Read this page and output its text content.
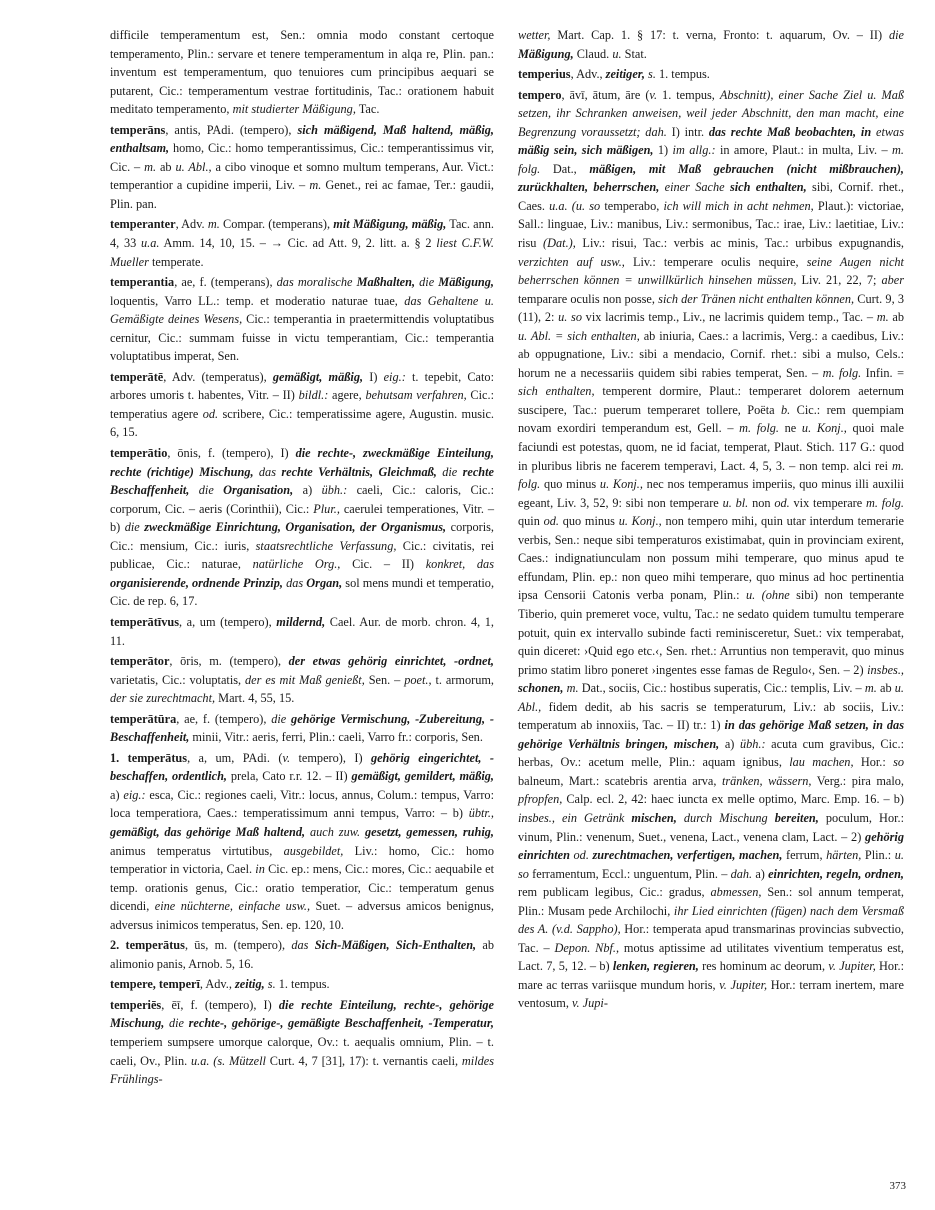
difficile temperamentum est, Sen.: omnia modo constant certoque temperamento, Plin.: servare et tenere temperamentum in alqa re, Plin. pan.: inventum est temperamentum, quo tenuiores cum principibus aequari se putarent, Cic.: temperamentum vestrae fortitudinis, Tac.: orationem habuit meditato temperamento, mit studierter Mäßigung, Tac.

temperāns, antis, PAdi. (tempero), sich mäßigend, Maß haltend, mäßig, enthaltsam, homo, Cic.: homo temperantissimus, Cic.: temperantissimus vir, Cic. – m. ab u. Abl., a cibo vinoque et somno multum temperans, Aur. Vict.: temperantior a cupidine imperii, Liv. – m. Genet., rei ac famae, Ter.: gaudii, Plin. pan.

temperanter, Adv. m. Compar. (temperans), mit Mäßigung, mäßig, Tac. ann. 4, 33 u.a. Amm. 14, 10, 15. – → Cic. ad Att. 9, 2. litt. a. § 2 liest C.F.W. Mueller temperate.

temperantia, ae, f. (temperans), das moralische Maßhalten, die Mäßigung, loquentis, Varro LL.: temp. et moderatio naturae tuae, das Gehaltene u. Gemäßigte deines Wesens, Cic.: temperantia in praetermittendis voluptatibus cernitur, Cic.: summam fuisse in victu temperantiam, Cic.: temperantia voluptatibus imperat, Sen.

temperātē, Adv. (temperatus), gemäßigt, mäßig, I) eig.: t. tepebit, Cato: arbores umoris t. habentes, Vitr. – II) bildl.: agere, behutsam verfahren, Cic.: temperatius agere od. scribere, Cic.: temperatissime agere, Augustin. music. 6, 15.

temperātio, ōnis, f. (tempero), I) die rechte-, zweckmäßige Einteilung, rechte (richtige) Mischung, das rechte Verhältnis, Gleichmaß, die rechte Beschaffenheit, die Organisation, a) übh.: caeli, Cic.: caloris, Cic.: corporum, Cic. – aeris (Corinthii), Cic.: Plur., caerulei temperationes, Vitr. – b) die zweckmäßige Einrichtung, Organisation, der Organismus, corporis, Cic.: mensium, Cic.: iuris, staatsrechtliche Verfassung, Cic.: civitatis, rei publicae, Cic.: naturae, natürliche Org., Cic. – II) konkret, das organisierende, ordnende Prinzip, das Organ, sol mens mundi et temperatio, Cic. de rep. 6, 17.

temperātīvus, a, um (tempero), mildernd, Cael. Aur. de morb. chron. 4, 1, 11.

temperātor, ōris, m. (tempero), der etwas gehörig einrichtet, -ordnet, varietatis, Cic.: voluptatis, der es mit Maß genießt, Sen. – poet., t. armorum, der sie zurechtmacht, Mart. 4, 55, 15.

temperātūra, ae, f. (tempero), die gehörige Vermischung, -Zubereitung, -Beschaffenheit, minii, Vitr.: aeris, ferri, Plin.: caeli, Varro fr.: corporis, Sen.

1. temperātus, a, um, PAdi. (v. tempero), I) gehörig eingerichtet, -beschaffen, ordentlich, prela, Cato r.r. 12. – II) gemäßigt, gemildert, mäßig, a) eig.: esca, Cic.: regiones caeli, Vitr.: locus, annus, Colum.: tempus, Varro: loca temperatiora, Caes.: temperatissimum anni tempus, Varro: – b) übtr., gemäßigt, das gehörige Maß haltend, auch zuw. gesetzt, gemessen, ruhig, animus temperatus virtutibus, ausgebildet, Liv.: homo, Cic.: homo temperatior in victoria, Cael. in Cic. ep.: mens, Cic.: mores, Cic.: aequabile et temp. orationis genus, Cic.: oratio temperatior, Cic.: temperatum genus dicendi, eine nüchterne, einfache usw., Suet. – adversus amicos benignus, adversus inimicos temperatus, Sen. ep. 120, 10.

2. temperātus, ūs, m. (tempero), das Sich-Mäßigen, Sich-Enthalten, ab alimonio panis, Arnob. 5, 16.

tempere, temperī, Adv., zeitig, s. 1. tempus.

temperiēs, ēī, f. (tempero), I) die rechte Einteilung, rechte-, gehörige Mischung, die rechte-, gehörige-, gemäßigte Beschaffenheit, -Temperatur, temperiem sumpsere umorque calorque, Ov.: t. aequalis omnium, Plin. – t. caeli, Ov., Plin. u.a. (s. Mützell Curt. 4, 7 [31], 17): t. vernantis caeli, mildes Frühlings-

wetter, Mart. Cap. 1. § 17: t. verna, Fronto: t. aquarum, Ov. – II) die Mäßigung, Claud. u. Stat.

temperius, Adv., zeitiger, s. 1. tempus.

tempero, āvī, ātum, āre (v. 1. tempus, Abschnitt), einer Sache Ziel u. Maß setzen, ihr Schranken anweisen, weil jeder Abschnitt, den man macht, eine Begrenzung voraussetzt; dah. I) intr. das rechte Maß beobachten, in etwas mäßig sein, sich mäßigen, 1) im allg.: in amore, Plaut.: in multa, Liv. – m. folg. Dat., mäßigen, mit Maß gebrauchen (nicht mißbrauchen), zurückhalten, beherrschen, einer Sache sich enthalten, sibi, Cornif. rhet., Caes. u.a. (u. so temperabo, ich will mich in acht nehmen, Plaut.): victoriae, Sall.: linguae, Liv.: manibus, Liv.: sermonibus, Tac.: irae, Liv.: laetitiae, Liv.: risu (Dat.), Liv.: risui, Tac.: verbis ac minis, Tac.: urbibus expugnandis, verzichten auf usw., Liv.: temperare oculis nequire, seine Augen nicht beherrschen können = unwillkürlich hinsehen müssen, Liv. 21, 22, 7; aber temparare oculis non posse, sich der Tränen nicht enthalten können, Curt. 9, 3 (11), 2: u. so vix lacrimis temp., Liv., ne lacrimis quidem temp., Tac. – m. ab u. Abl. = sich enthalten, ab iniuria, Caes.: a lacrimis, Verg.: a caedibus, Liv.: ab oppugnatione, Liv.: sibi a mendacio, Cornif. rhet.: sibi a mulso, Cels.: horum ne a necessariis quidem sibi rabies temperat, Sen. – m. folg. Infin. = sich enthalten, temperent dormire, Plaut.: temperaret dolorem aeternum suscipere, Tac.: puerum temperaret tollere, Poëta b. Cic.: rem quempiam novam exordiri temperandum est, Gell. – m. folg. ne u. Konj., quoi male faciundi est potestas, quom, ne id faciat, temperat, Plaut. Stich. 117 G.: quod in pluribus libris ne facerem temperavi, Lact. 4, 5, 3. – non temp. alci rei m. folg. quo minus u. Konj., nec nos temperamus imperiis, quo minus illi auxilii egeant, Liv. 3, 52, 9: sibi non temperare u. bl. non od. vix temperare m. folg. quin od. quo minus u. Konj., non tempero mihi, quin utar interdum temerarie verbis, Sen.: neque sibi temperaturos existimabat, quin in provinciam exirent, Caes.: indignatiunculam non possum mihi temperare, quo minus apud te effundam, Plin. ep.: non queo mihi temperare, quo minus ad hoc pertinentia ipsa Censorii Catonis verba ponam, Plin.: u. (ohne sibi) non temperante Tiberio, quin premeret voce, vultu, Tac.: ne sedato quidem tumultu temperare potuit, quin ex intervallo subinde facti reminisceretur, Suet.: vix temperabat, quin diceret: ›Quid ego etc.‹, Sen. rhet.: Arruntius non temperavit, quo minus primo statim libro poneret ›ingentes esse famas de Regulo‹, Sen. – 2) insbes., schonen, m. Dat., sociis, Cic.: hostibus superatis, Cic.: templis, Liv. – m. ab u. Abl., fidem dedit, ab his sacris se temperaturum, Liv.: ab sociis, Liv.: temperatum ab innoxiis, Tac. – II) tr.: 1) in das gehörige Maß setzen, in das gehörige Verhältnis bringen, mischen, a) übh.: acuta cum gravibus, Cic.: herbas, Ov.: acetum melle, Plin.: aquam ignibus, lau machen, Hor.: so balneum, Mart.: scatebris arentia arva, tränken, wässern, Verg.: pira malo, pfropfen, Calp. ecl. 2, 42: haec iuncta ex melle optimo, Marc. Emp. 16. – b) insbes., ein Getränk mischen, durch Mischung bereiten, poculum, Hor.: vinum, Plin.: venenum, Suet., venena, Lact., venena clam, Lact. – 2) gehörig einrichten od. zurechtmachen, verfertigen, machen, ferrum, härten, Plin.: u. so ferramentum, Eccl.: unguentum, Plin. – dah. a) einrichten, regeln, ordnen, rem publicam legibus, Cic.: gradus, abmessen, Sen.: sol annum temperat, Plin.: Musam pede Archilochi, ihr Lied einrichten (fügen) nach dem Versmaß des A. (v.d. Sappho), Hor.: temperata apud transmarinas provincias subvectio, Tac. – Depon. Nbf., motus aptissime ad utilitates viventium temperatus est, Lact. 7, 5, 12. – b) lenken, regieren, res hominum ac deorum, v. Jupiter, Hor.: mare ac terras variisque mundum horis, v. Jupiter, Hor.: terram inertem, mare ventosum, v. Jupi-

373
